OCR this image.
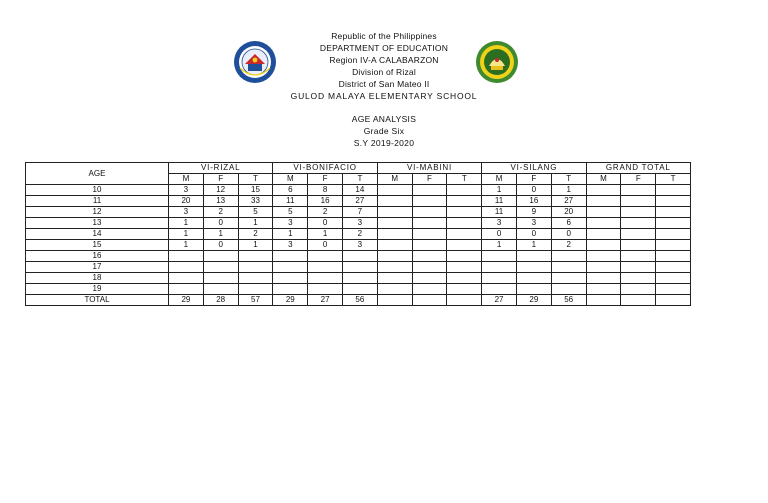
Republic of the Philippines
DEPARTMENT OF EDUCATION
Region IV-A CALABARZON
Division of Rizal
District of San Mateo II
GULOD MALAYA ELEMENTARY SCHOOL
AGE ANALYSIS
Grade Six
S.Y 2019-2020
AGE	VI-RIZAL			VI-BONIFACIO			VI-MABINI			VI-SILANG			GRAND TOTAL		
	M	F	T	M	F	T	M	F	T	M	F	T	M	F	T
10	3	12	15	6	8	14				1	0	1			
11	20	13	33	11	16	27				11	16	27			
12	3	2	5	5	2	7				11	9	20			
13	1	0	1	3	0	3				3	3	6			
14	1	1	2	1	1	2				0	0	0			
15	1	0	1	3	0	3				1	1	2			
16															
17															
18															
19															
TOTAL	29	28	57	29	27	56				27	29	56			
